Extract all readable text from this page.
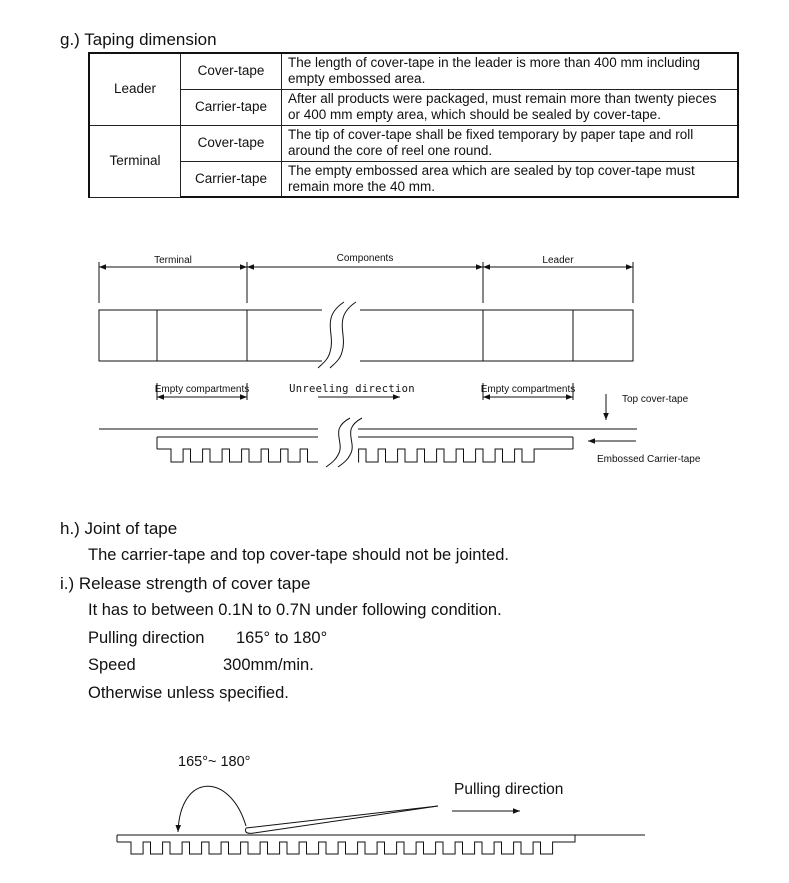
g.) Taping dimension
Leader	Cover-tape	The length of cover-tape in the leader is more than 400 mm including empty embossed area.
	Carrier-tape	After all products were packaged, must remain more than twenty pieces or 400 mm empty area, which should be sealed by cover-tape.
Terminal	Cover-tape	The tip of cover-tape shall be fixed temporary by paper tape and roll around the core of reel one round.
	Carrier-tape	The empty embossed area which are sealed by top cover-tape must remain more the 40 mm.
Terminal	Components	Leader
Empty compartments	Unreeling direction	Empty compartments
Top cover-tape
Embossed Carrier-tape
165°~ 180°
Pulling direction
h.) Joint of tape
The carrier-tape and top cover-tape should not be jointed.
i.) Release strength of cover tape
It has to between 0.1N to 0.7N under following condition.
Pulling direction 165° to 180°
Speed	300mm/min.
Otherwise unless specified.
